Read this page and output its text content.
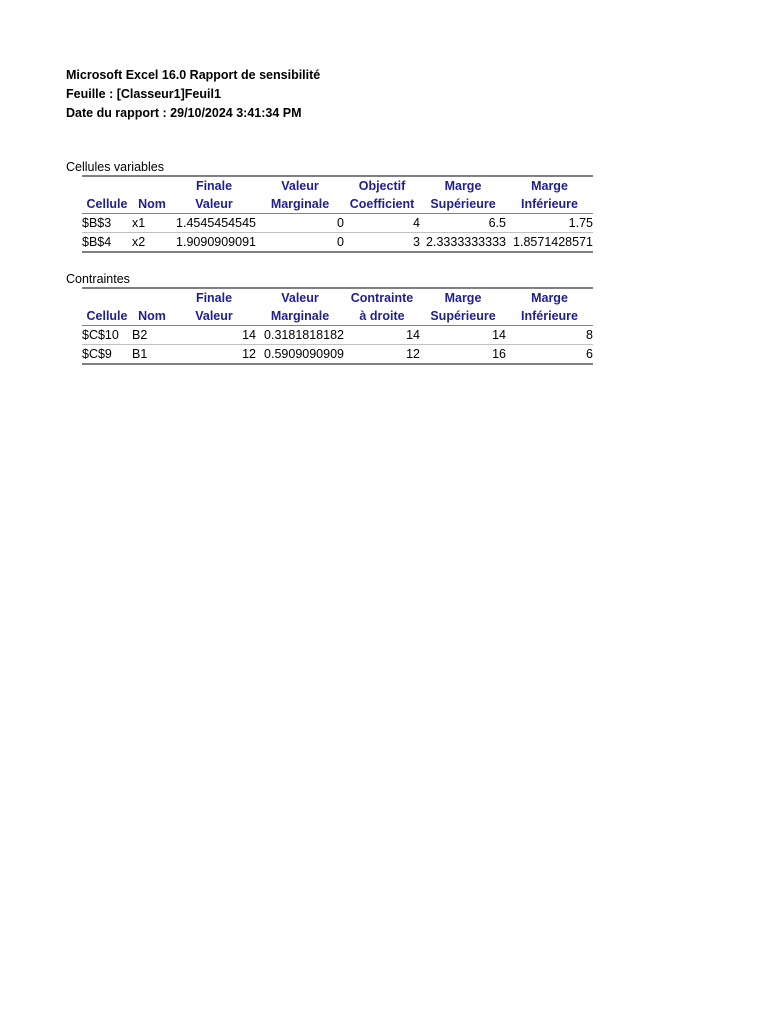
Microsoft Excel 16.0 Rapport de sensibilité
Feuille : [Classeur1]Feuil1
Date du rapport : 29/10/2024 3:41:34 PM
Cellules variables
		Finale	Valeur	Objectif	Marge	Marge
Cellule	Nom	Valeur	Marginale	Coefficient	Supérieure	Inférieure
$B$3	x1	1.4545454545	0	4	6.5	1.75
$B$4	x2	1.9090909091	0	3	2.3333333333	1.8571428571
Contraintes
		Finale	Valeur	Contrainte	Marge	Marge
Cellule	Nom	Valeur	Marginale	à droite	Supérieure	Inférieure
$C$10	B2	14	0.3181818182	14	14	8
$C$9	B1	12	0.5909090909	12	16	6
